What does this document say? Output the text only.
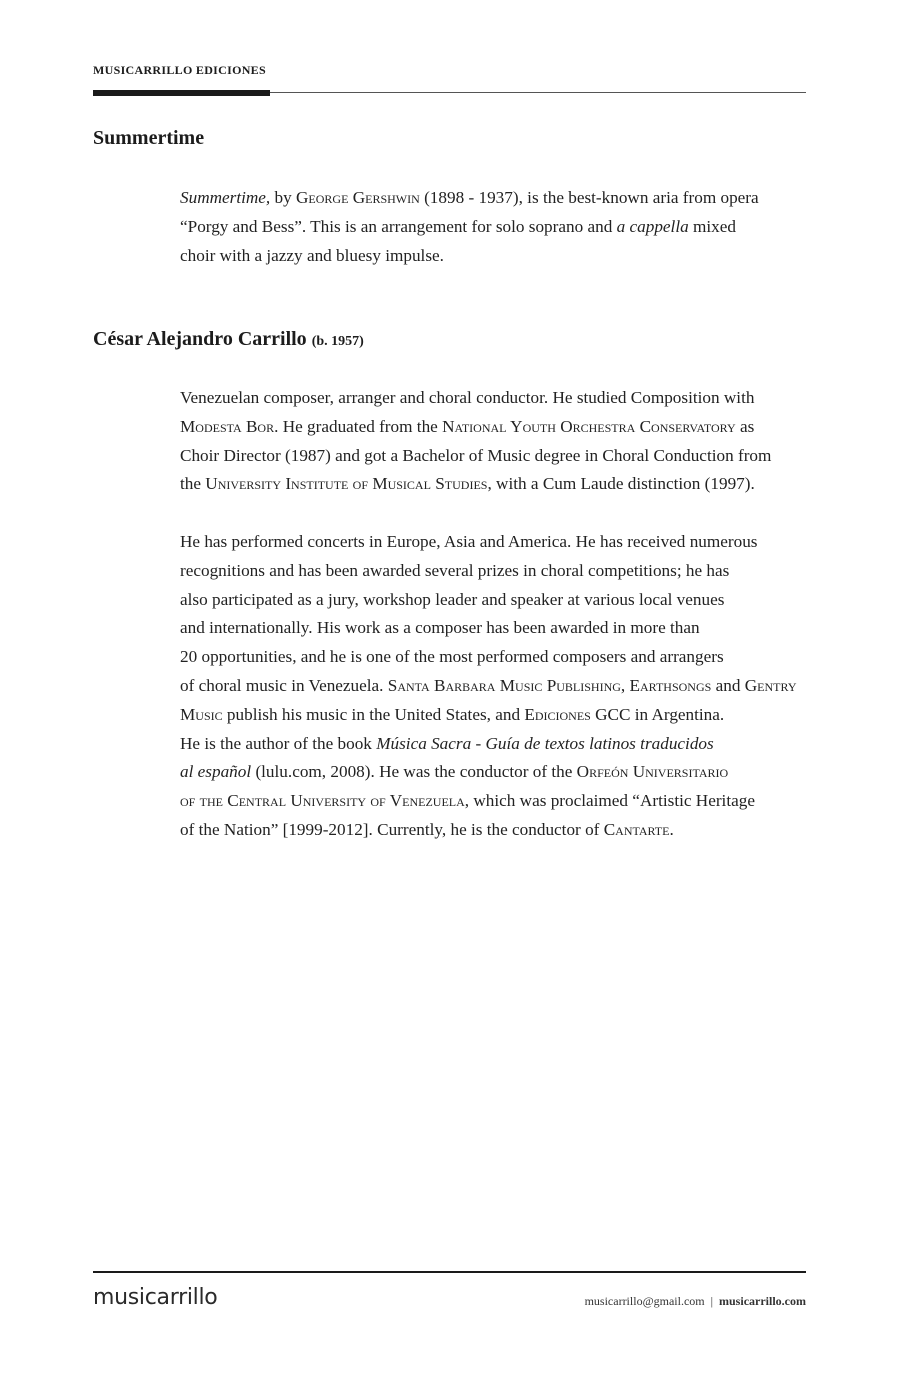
MUSICARRILLO EDICIONES
Summertime

Summertime, by George Gershwin (1898 - 1937), is the best-known aria from opera
“Porgy and Bess”. This is an arrangement for solo soprano and a cappella mixed
choir with a jazzy and bluesy impulse.

César Alejandro Carrillo (b. 1957)

Venezuelan composer, arranger and choral conductor. He studied Composition with
Modesta Bor. He graduated from the National Youth Orchestra Conservatory as
Choir Director (1987) and got a Bachelor of Music degree in Choral Conduction from
the University Institute of Musical Studies, with a Cum Laude distinction (1997).

He has performed concerts in Europe, Asia and America. He has received numerous
recognitions and has been awarded several prizes in choral competitions; he has
also participated as a jury, workshop leader and speaker at various local venues
and internationally. His work as a composer has been awarded in more than
20 opportunities, and he is one of the most performed composers and arrangers
of choral music in Venezuela. Santa Barbara Music Publishing, Earthsongs and Gentry Music publish his music in the United States, and Ediciones GCC in Argentina.
He is the author of the book Música Sacra - Guía de textos latinos traducidos
al español (lulu.com, 2008). He was the conductor of the Orfeón Universitario
of the Central University of Venezuela, which was proclaimed “Artistic Heritage
of the Nation” [1999-2012]. Currently, he is the conductor of Cantarte.

musicarrillo	musicarrillo@gmail.com | musicarrillo.com
